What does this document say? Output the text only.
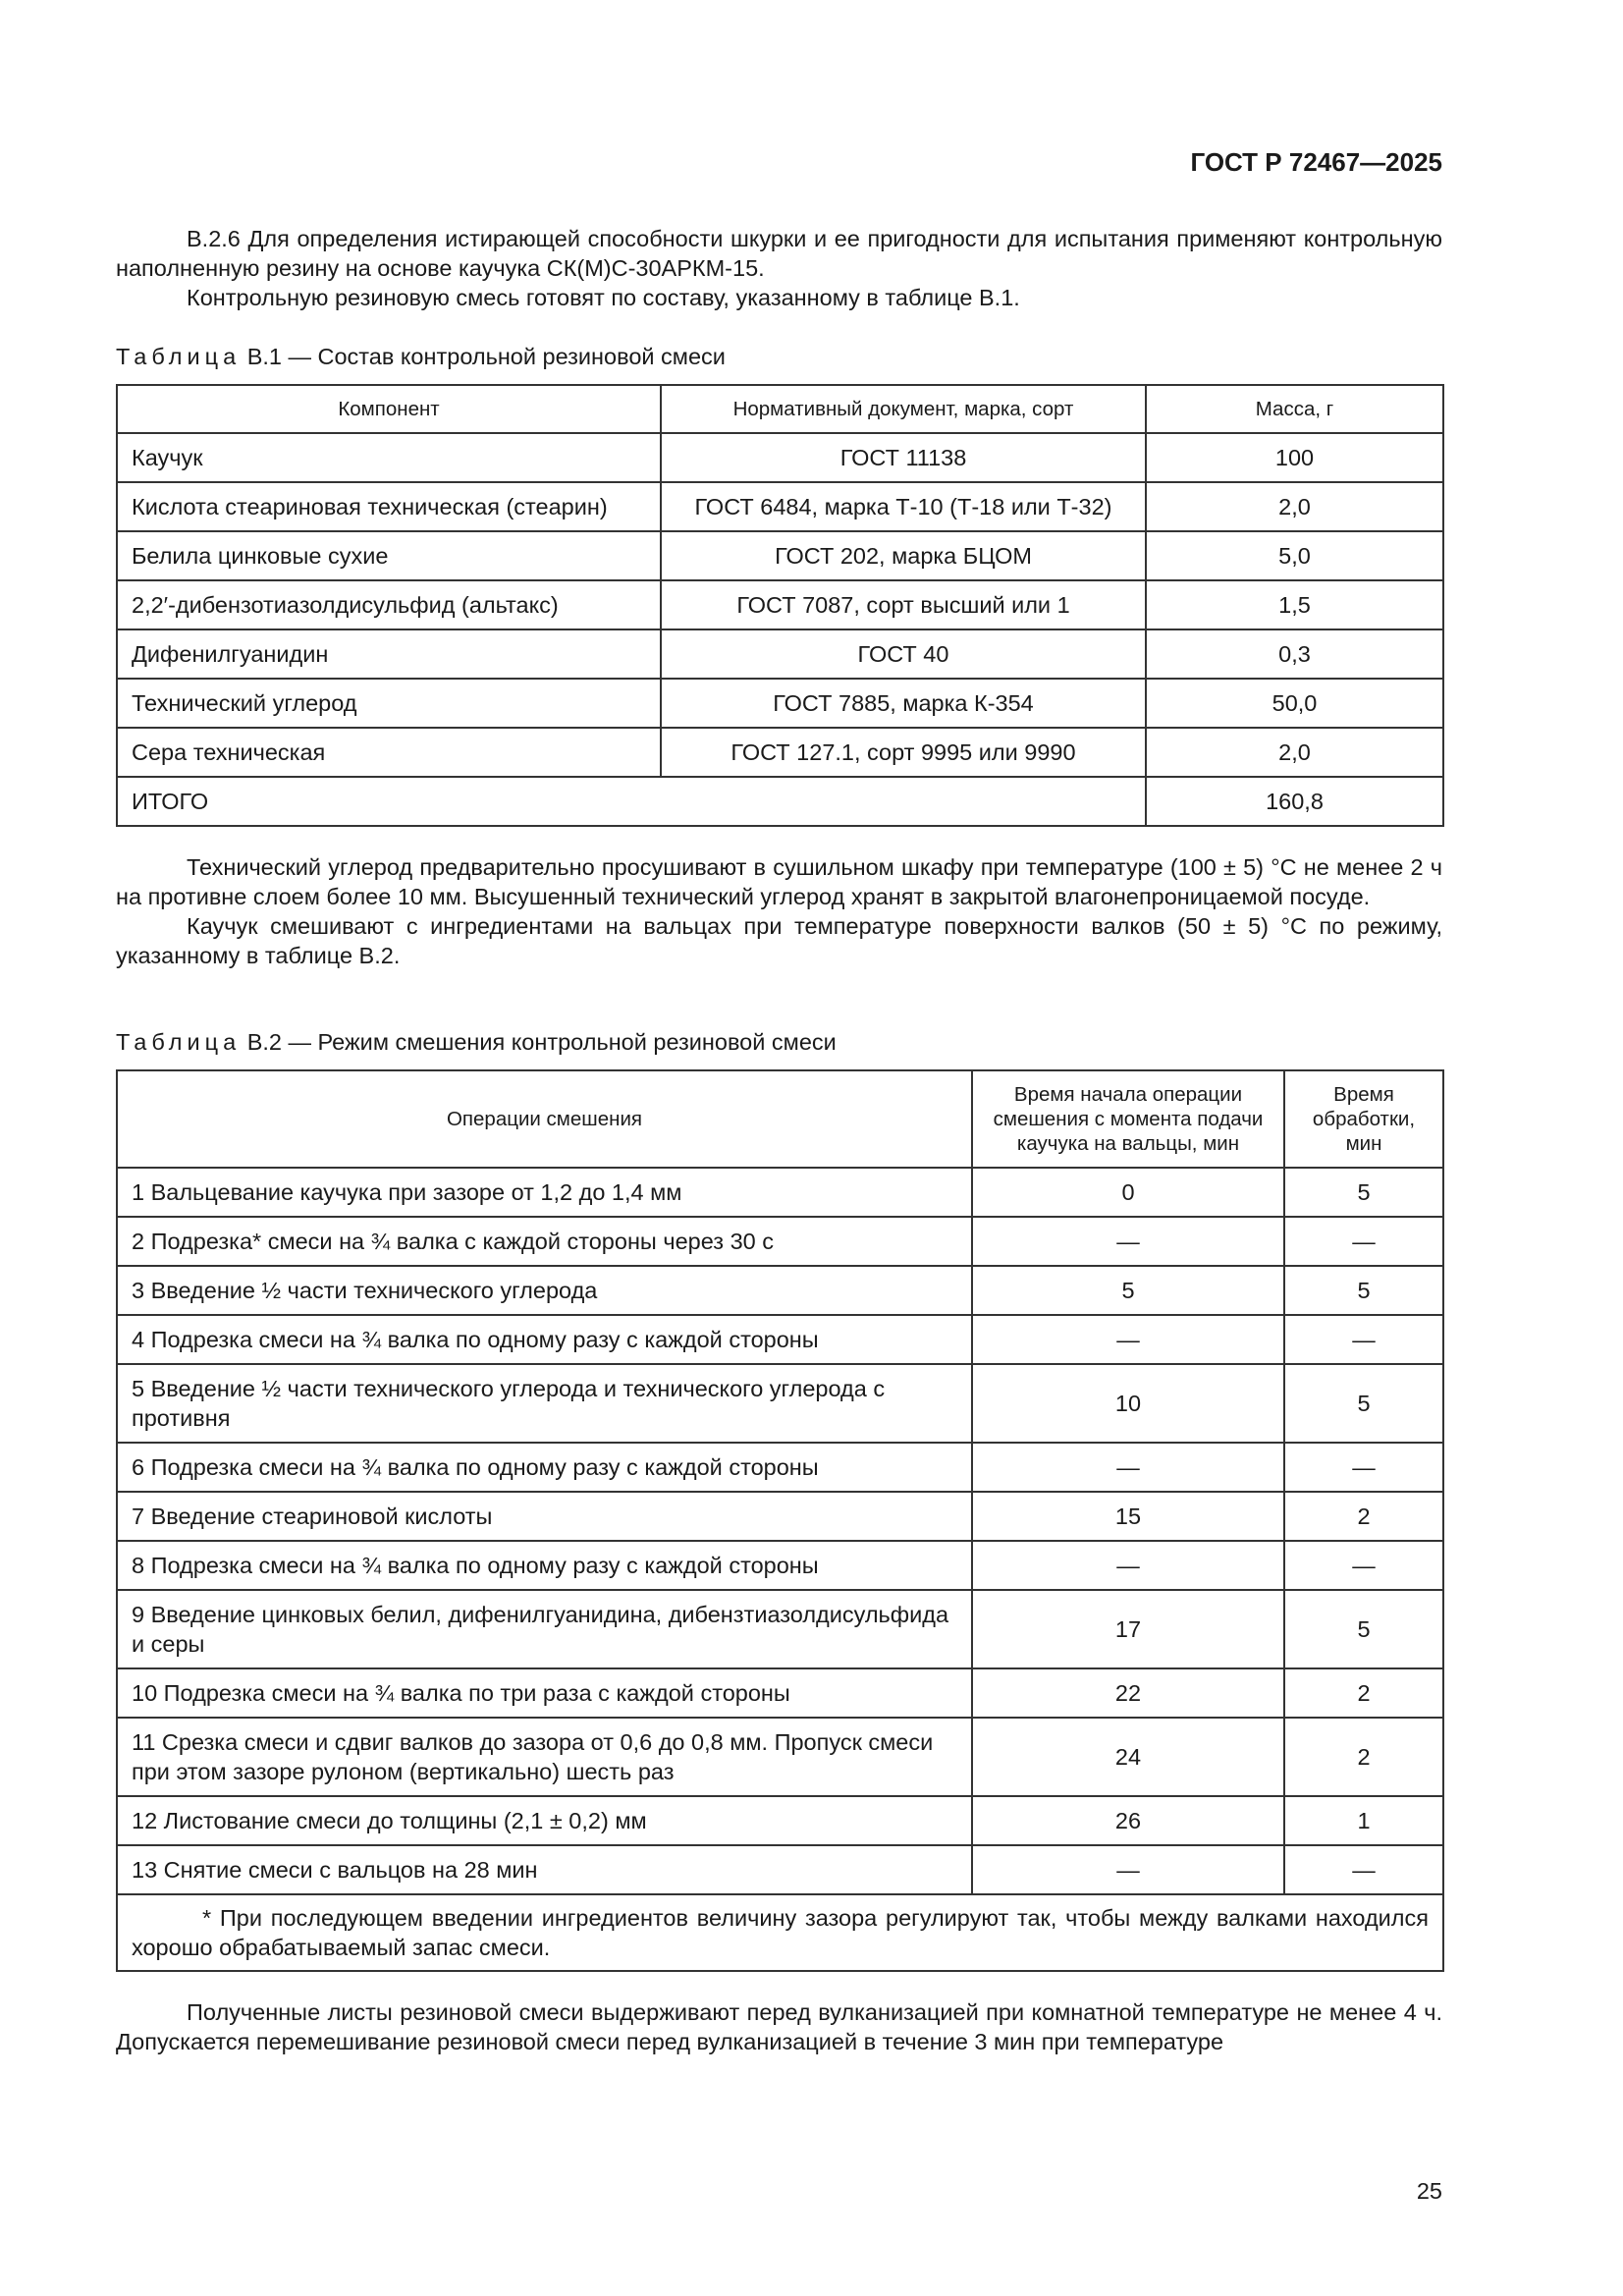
ГОСТ Р 72467—2025

В.2.6 Для определения истирающей способности шкурки и ее пригодности для испытания применяют контрольную наполненную резину на основе каучука СК(М)С-30АРКМ-15.

Контрольную резиновую смесь готовят по составу, указанному в таблице В.1.

Таблица В.1 — Состав контрольной резиновой смеси
Компонент	Нормативный документ, марка, сорт	Масса, г
Каучук	ГОСТ 11138	100
Кислота стеариновая техническая (стеарин)	ГОСТ 6484, марка Т-10 (Т-18 или Т-32)	2,0
Белила цинковые сухие	ГОСТ 202, марка БЦОМ	5,0
2,2′-дибензотиазолдисульфид (альтакс)	ГОСТ 7087, сорт высший или 1	1,5
Дифенилгуанидин	ГОСТ 40	0,3
Технический углерод	ГОСТ 7885, марка К-354	50,0
Сера техническая	ГОСТ 127.1, сорт 9995 или 9990	2,0
ИТОГО		160,8

Технический углерод предварительно просушивают в сушильном шкафу при температуре (100 ± 5) °С не менее 2 ч на противне слоем более 10 мм. Высушенный технический углерод хранят в закрытой влагонепроницаемой посуде.

Каучук смешивают с ингредиентами на вальцах при температуре поверхности валков (50 ± 5) °С по режиму, указанному в таблице В.2.

Таблица В.2 — Режим смешения контрольной резиновой смеси
Операции смешения	Время начала операции смешения с момента подачи каучука на вальцы, мин	Время обработки, мин
1 Вальцевание каучука при зазоре от 1,2 до 1,4 мм	0	5
2 Подрезка* смеси на ¾ валка с каждой стороны через 30 с	—	—
3 Введение ½ части технического углерода	5	5
4 Подрезка смеси на ¾ валка по одному разу с каждой стороны	—	—
5 Введение ½ части технического углерода и технического углерода с противня	10	5
6 Подрезка смеси на ¾ валка по одному разу с каждой стороны	—	—
7 Введение стеариновой кислоты	15	2
8 Подрезка смеси на ¾ валка по одному разу с каждой стороны	—	—
9 Введение цинковых белил, дифенилгуанидина, дибензтиазолдисульфида и серы	17	5
10 Подрезка смеси на ¾ валка по три раза с каждой стороны	22	2
11 Срезка смеси и сдвиг валков до зазора от 0,6 до 0,8 мм. Пропуск смеси при этом зазоре рулоном (вертикально) шесть раз	24	2
12 Листование смеси до толщины (2,1 ± 0,2) мм	26	1
13 Снятие смеси с вальцов на 28 мин	—	—

* При последующем введении ингредиентов величину зазора регулируют так, чтобы между валками находился хорошо обрабатываемый запас смеси.		

Полученные листы резиновой смеси выдерживают перед вулканизацией при комнатной температуре не менее 4 ч. Допускается перемешивание резиновой смеси перед вулканизацией в течение 3 мин при температуре

25
